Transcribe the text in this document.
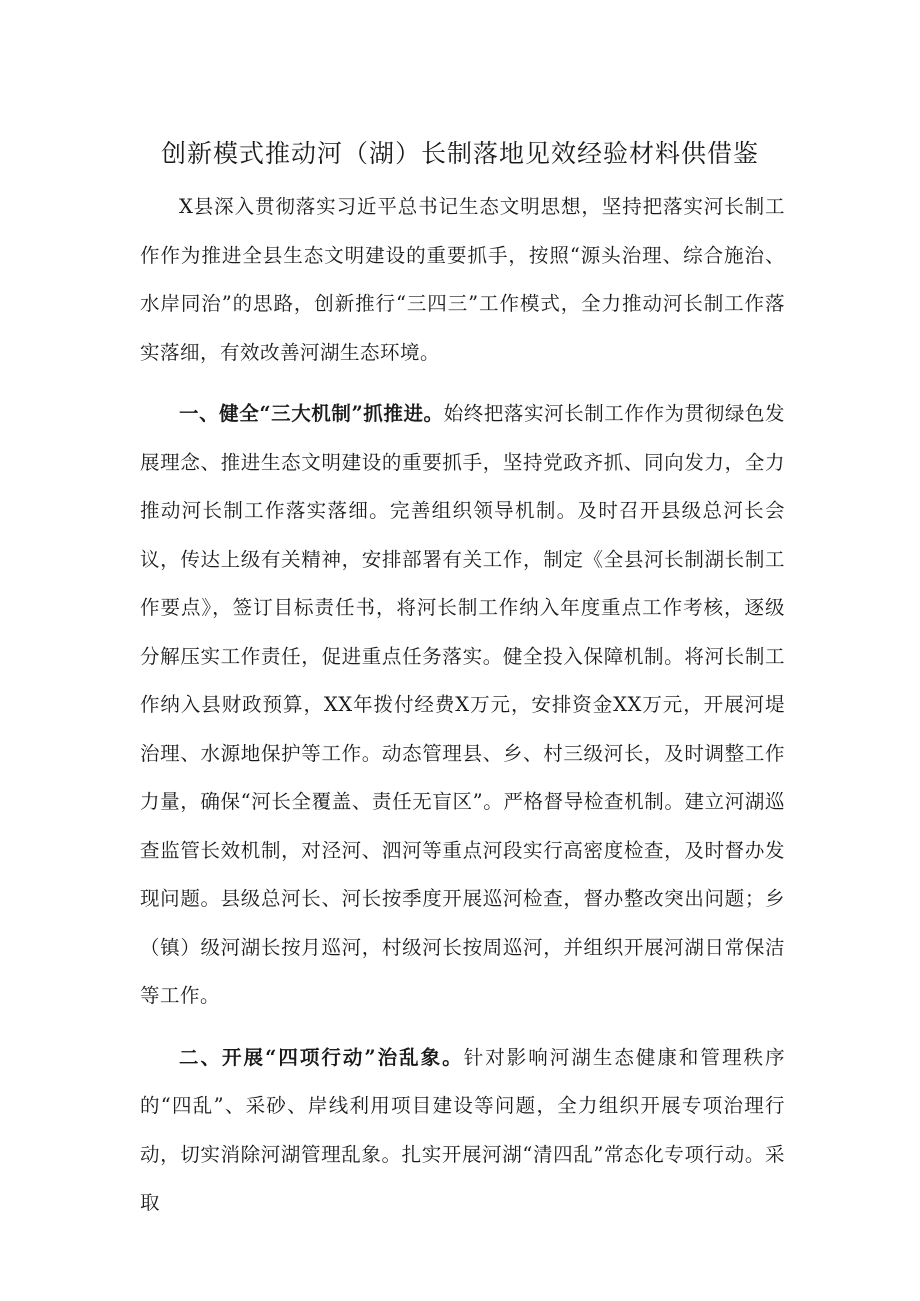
创新模式推动河（湖）长制落地见效经验材料供借鉴

X县深入贯彻落实习近平总书记生态文明思想，坚持把落实河长制工作作为推进全县生态文明建设的重要抓手，按照“源头治理、综合施治、水岸同治”的思路，创新推行“三四三”工作模式，全力推动河长制工作落实落细，有效改善河湖生态环境。

一、健全“三大机制”抓推进。始终把落实河长制工作作为贯彻绿色发展理念、推进生态文明建设的重要抓手，坚持党政齐抓、同向发力，全力推动河长制工作落实落细。完善组织领导机制。及时召开县级总河长会议，传达上级有关精神，安排部署有关工作，制定《全县河长制湖长制工作要点》，签订目标责任书，将河长制工作纳入年度重点工作考核，逐级分解压实工作责任，促进重点任务落实。健全投入保障机制。将河长制工作纳入县财政预算，XX年拨付经费X万元，安排资金XX万元，开展河堤治理、水源地保护等工作。动态管理县、乡、村三级河长，及时调整工作力量，确保“河长全覆盖、责任无盲区”。严格督导检查机制。建立河湖巡查监管长效机制，对泾河、泗河等重点河段实行高密度检查，及时督办发现问题。县级总河长、河长按季度开展巡河检查，督办整改突出问题；乡（镇）级河湖长按月巡河，村级河长按周巡河，并组织开展河湖日常保洁等工作。

二、开展“四项行动”治乱象。针对影响河湖生态健康和管理秩序的“四乱”、采砂、岸线利用项目建设等问题，全力组织开展专项治理行动，切实消除河湖管理乱象。扎实开展河湖“清四乱”常态化专项行动。采取
